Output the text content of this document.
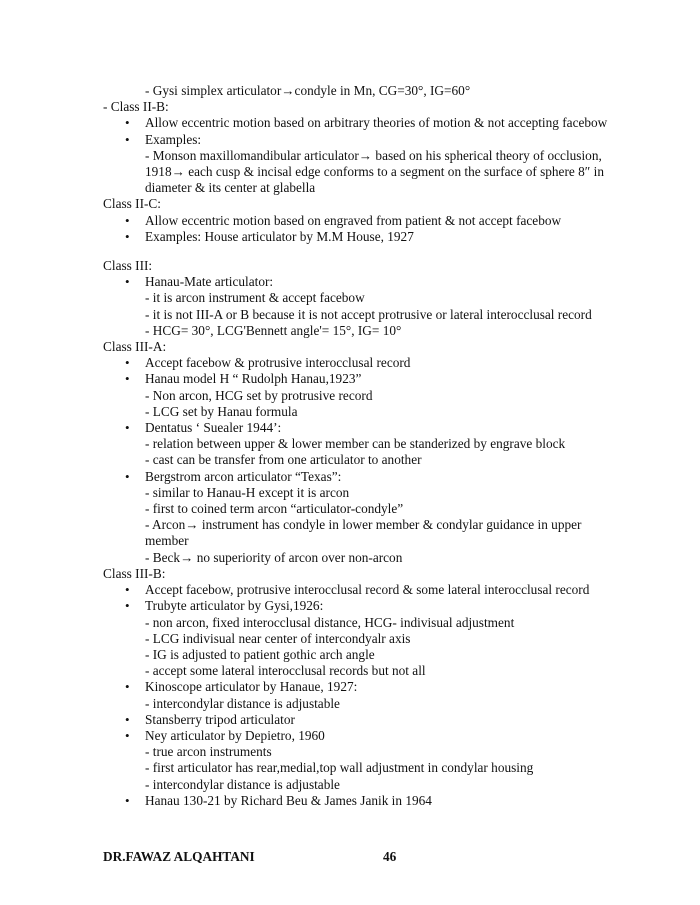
- Gysi simplex articulator→condyle in Mn, CG=30°, IG=60°
- Class II-B:
• Allow eccentric motion based on arbitrary theories of motion & not accepting facebow
• Examples:
- Monson maxillomandibular articulator→ based on his spherical theory of occlusion, 1918→ each cusp & incisal edge conforms to a segment on the surface of sphere 8″ in diameter & its center at glabella
Class II-C:
• Allow eccentric motion based on engraved from patient & not accept facebow
• Examples: House articulator by M.M House, 1927
Class III:
• Hanau-Mate articulator:
- it is arcon instrument & accept facebow
- it is not III-A or B because it is not accept protrusive or lateral interocclusal record
- HCG= 30°, LCG'Bennett angle'= 15°, IG= 10°
Class III-A:
• Accept facebow & protrusive interocclusal record
• Hanau model H “ Rudolph Hanau,1923”
- Non arcon, HCG set by protrusive record
- LCG set by Hanau formula
• Dentatus ‘ Suealer 1944’:
- relation between upper & lower member can be standerized by engrave block
- cast can be transfer from one articulator to another
• Bergstrom arcon articulator “Texas”:
- similar to Hanau-H except it is arcon
- first to coined term arcon “articulator-condyle”
- Arcon→ instrument has condyle in lower member & condylar guidance in upper member
- Beck→ no superiority of arcon over non-arcon
Class III-B:
• Accept facebow, protrusive interocclusal record & some lateral interocclusal record
• Trubyte articulator by Gysi,1926:
- non arcon, fixed interocclusal distance, HCG- indivisual adjustment
- LCG indivisual near center of intercondyalr axis
- IG is adjusted to patient gothic arch angle
- accept some lateral interocclusal records but not all
• Kinoscope articulator by Hanaue, 1927:
- intercondylar distance is adjustable
• Stansberry tripod articulator
• Ney articulator by Depietro, 1960
- true arcon instruments
- first articulator has rear,medial,top wall adjustment in condylar housing
- intercondylar distance is adjustable
• Hanau 130-21 by Richard Beu & James Janik in 1964
DR.FAWAZ ALQAHTANI	46
